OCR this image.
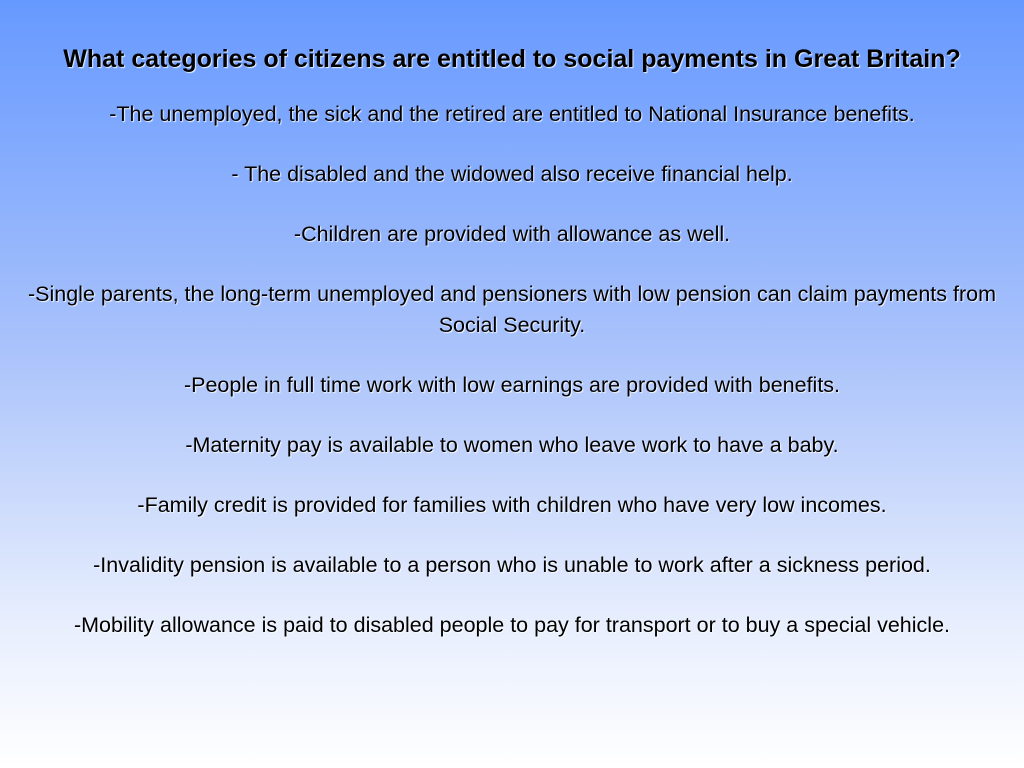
What categories of citizens are entitled to social payments in Great Britain?

-The unemployed, the sick and the retired are entitled to National Insurance benefits.

- The disabled and the widowed also receive financial help.

-Children are provided with allowance as well.

-Single parents, the long-term unemployed and pensioners with low pension can claim payments from Social Security.

-People in full time work with low earnings are provided with benefits.

-Maternity pay is available to women who leave work to have a baby.

-Family credit is provided for families with children who have very low incomes.

-Invalidity pension is available to a person who is unable to work after a sickness period.

-Mobility allowance is paid to disabled people to pay for transport or to buy a special vehicle.
